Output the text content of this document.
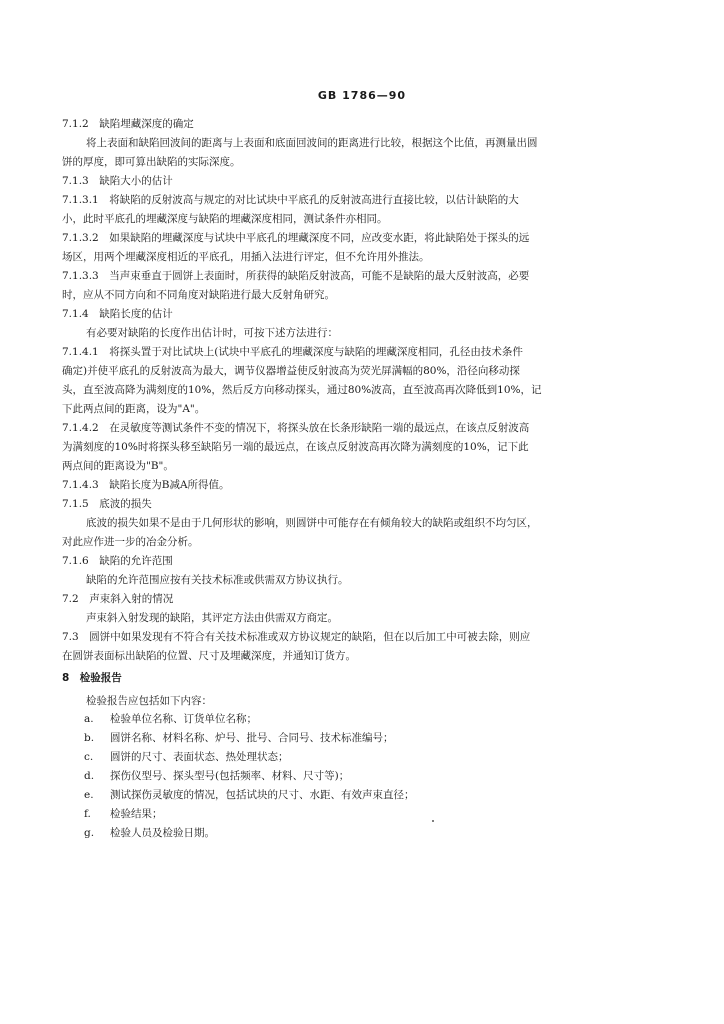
GB 1786—90
7.1.2　缺陷埋藏深度的确定
将上表面和缺陷回波间的距离与上表面和底面回波间的距离进行比较，根据这个比值，再测量出圆
饼的厚度，即可算出缺陷的实际深度。
7.1.3　缺陷大小的估计
7.1.3.1　将缺陷的反射波高与规定的对比试块中平底孔的反射波高进行直接比较，以估计缺陷的大
小，此时平底孔的埋藏深度与缺陷的埋藏深度相同，测试条件亦相同。
7.1.3.2　如果缺陷的埋藏深度与试块中平底孔的埋藏深度不同，应改变水距，将此缺陷处于探头的远
场区，用两个埋藏深度相近的平底孔，用插入法进行评定，但不允许用外推法。
7.1.3.3　当声束垂直于圆饼上表面时，所获得的缺陷反射波高，可能不是缺陷的最大反射波高，必要
时，应从不同方向和不同角度对缺陷进行最大反射角研究。
7.1.4　缺陷长度的估计
有必要对缺陷的长度作出估计时，可按下述方法进行：
7.1.4.1　将探头置于对比试块上(试块中平底孔的埋藏深度与缺陷的埋藏深度相同，孔径由技术条件
确定)并使平底孔的反射波高为最大，调节仪器增益使反射波高为荧光屏满幅的80%，沿径向移动探
头，直至波高降为满刻度的10%，然后反方向移动探头，通过80%波高，直至波高再次降低到10%，记
下此两点间的距离，设为"A"。
7.1.4.2　在灵敏度等测试条件不变的情况下，将探头放在长条形缺陷一端的最远点，在该点反射波高
为满刻度的10%时将探头移至缺陷另一端的最远点，在该点反射波高再次降为满刻度的10%，记下此
两点间的距离设为"B"。
7.1.4.3　缺陷长度为B减A所得值。
7.1.5　底波的损失
底波的损失如果不是由于几何形状的影响，则圆饼中可能存在有倾角较大的缺陷或组织不均匀区，
对此应作进一步的冶金分析。
7.1.6　缺陷的允许范围
缺陷的允许范围应按有关技术标准或供需双方协议执行。
7.2　声束斜入射的情况
声束斜入射发现的缺陷，其评定方法由供需双方商定。
7.3　圆饼中如果发现有不符合有关技术标准或双方协议规定的缺陷，但在以后加工中可被去除，则应
在圆饼表面标出缺陷的位置、尺寸及埋藏深度，并通知订货方。
8　检验报告
检验报告应包括如下内容：
a. 检验单位名称、订货单位名称；
b. 圆饼名称、材料名称、炉号、批号、合同号、技术标准编号；
c. 圆饼的尺寸、表面状态、热处理状态；
d. 探伤仪型号、探头型号(包括频率、材料、尺寸等)；
e. 测试探伤灵敏度的情况，包括试块的尺寸、水距、有效声束直径；
f. 检验结果；
g. 检验人员及检验日期。
